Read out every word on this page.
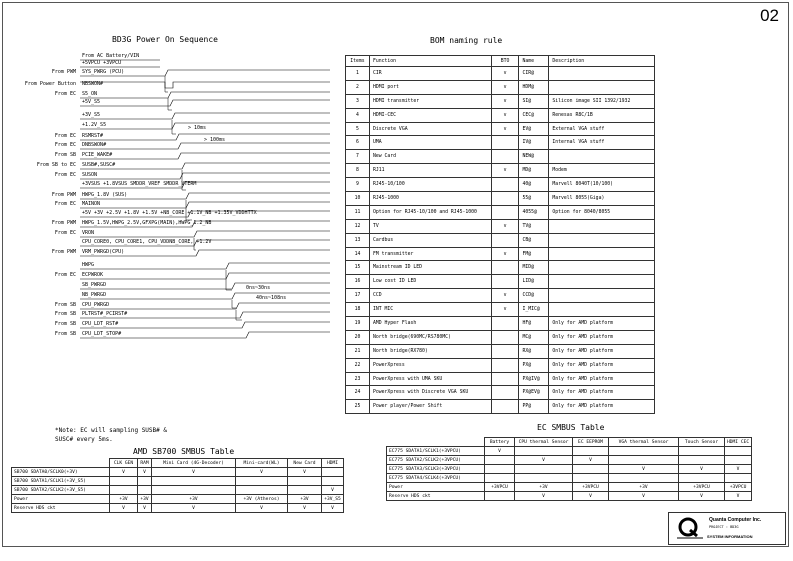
02
BD3G Power On Sequence
From AC Battery/VIN
+5VPCU +3VPCU
From PWM SYS_PWRG (PCU)
From Power Button NBSWON#
From EC S5_ON
+5V_S5
+3V_S5
+1.2V_S5
From EC RSMRST#
From EC DNBSWON#
From SB PCIE_WAKE#
From SB to EC SUSB#,SUSC#
From EC SUSON
+3VSUS +1.8VSUS SMDDR_VREF SMDDR_VTERM
From PWM HWPG_1.8V (SUS)
From EC MAINON
+5V +3V +2.5V +1.8V +1.5V +NB_CORE +1.1V_NB +1.35V_VDDHTTX
From PWM HWPG_1.5V,HWPG_2.5V,GFXPG(MAIN),HWPG_1.2_NB
From EC VRON
CPU_CORE0, CPU_CORE1, CPU_VDDNB_CORE, +1.2V
From PWM VRM_PWRGD(CPU)
HWPG
From EC ECPWROK
SB_PWRGD
NB_PWRGD
From SB CPU_PWRGD
From SB PLTRST#_PCIRST#
From SB CPU_LDT_RST#
From SB CPU_LDT_STOP#
> 10ms
> 100ms
0ns~30ns
40ns~108ns
*Note: EC will sampling SUSB# &
SUSC# every 5ms.
BOM naming rule
Items	Function	BTO	Name	Description
1	CIR	v	CIR@	
2	HDMI port	v	HDM@	
3	HDMI transmitter	v	SI@	Silicon image SII 1392/1932
4	HDMI-CEC	v	CEC@	Renesas R8C/1B
5	Discrete VGA	v	EV@	External VGA stuff
6	UMA		IV@	Internal VGA stuff
7	New Card		NEW@	
8	RJ11	v	MD@	Modem
9	RJ45-10/100		40@	Marvell 8040T(10/100)
10	RJ45-1000		55@	Marvell 8055(Giga)
11	Option for RJ45-10/100 and RJ45-1000		4055@	Option for 8040/8055
12	TV	v	TV@	
13	Cardbus		CB@	
14	FM transmitter	v	FM@	
15	Mainstream ID LED		MID@	
16	Low cost ID LED		LID@	
17	CCD	v	CCD@	
18	INT MIC	v	I_MIC@	
19	AMD Hyper Flash		HF@	Only for AMD platform
20	North bridge(690MC/RS780MC)		MC@	Only for AMD platform
21	North bridge(RX780)		RX@	Only for AMD platform
22	PowerXpress		PX@	Only for AMD platform
23	PowerXpress with UMA SKU		PX@IV@	Only for AMD platform
24	PowerXpress with Discrete VGA SKU		PX@EV@	Only for AMD platform
25	Power player/Power Shift		PP@	Only for AMD platform
AMD SB700 SMBUS Table
	CLK GEN	RAM	Mini Card (4G-Decoder)	Mini-card(WL)	New Card	HDMI
SB700 SDATA0/SCLK0(+3V)	V	V	V	V	V	
SB700 SDATA1/SCLK1(+3V_S5)						
SB700 SDATA2/SCLK2(+3V_S5)						V
Power	+3V	+3V	+3V	+3V (Atheros)	+3V	+3V_S5
Reserve HDS ckt	V	V	V	V	V	V
EC SMBUS Table
	Battery	CPU thermal Sensor	EC EEPROM	VGA thermal Sensor	Touch Sensor	HDMI CEC
EC775 SDATA1/SCLK1(+3VPCU)	V					
EC775 SDATA2/SCLK2(+3VPCU)		V	V			
EC775 SDATA3/SCLK3(+3VPCU)				V	V	V
EC775 SDATA4/SCLK4(+3VPCU)						
Power	+3VPCU	+3V	+3VPCU	+3V	+3VPCU	+3VPCU
Reserve HDS ckt		V	V	V	V	V
Quanta Computer Inc.
PROJECT : BD3G
SYSTEM INFORMATION
